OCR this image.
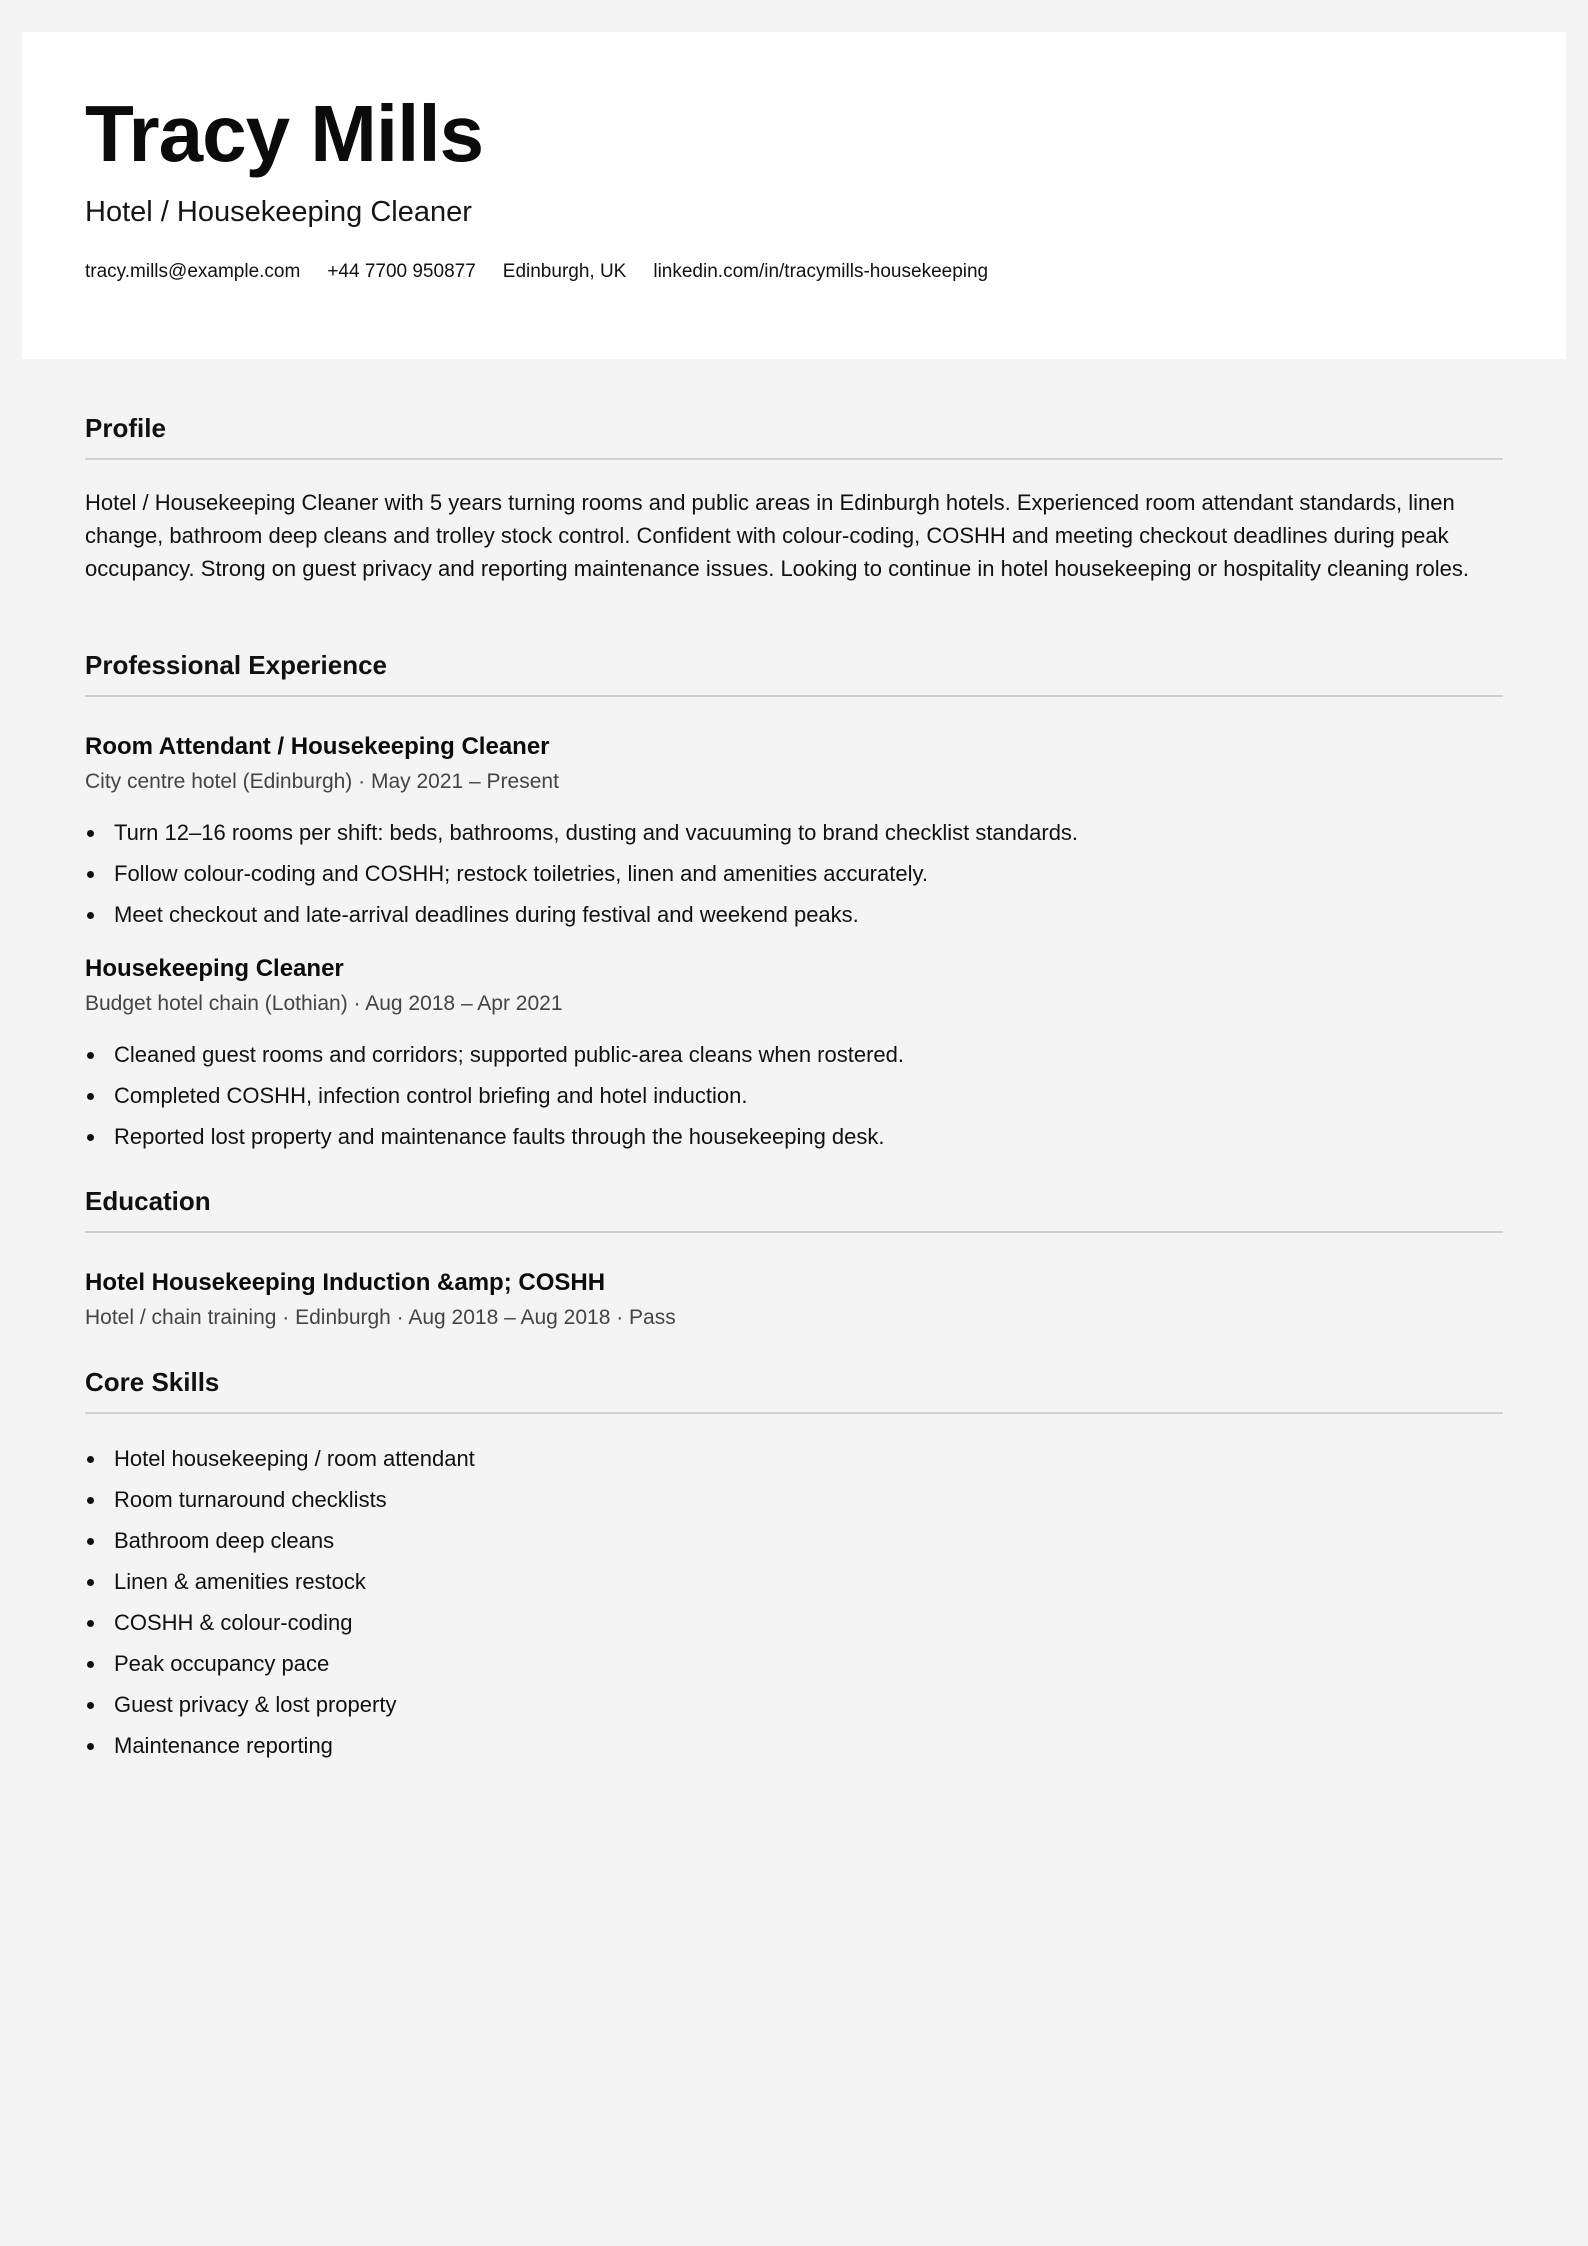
Tracy Mills
Hotel / Housekeeping Cleaner
tracy.mills@example.com +44 7700 950877 Edinburgh, UK linkedin.com/in/tracymills-housekeeping
Profile

Hotel / Housekeeping Cleaner with 5 years turning rooms and public areas in Edinburgh hotels. Experienced room attendant standards, linen change, bathroom deep cleans and trolley stock control. Confident with colour-coding, COSHH and meeting checkout deadlines during peak occupancy. Strong on guest privacy and reporting maintenance issues. Looking to continue in hotel housekeeping or hospitality cleaning roles.

Professional Experience
Room Attendant / Housekeeping Cleaner
City centre hotel (Edinburgh) · May 2021 – Present
Turn 12–16 rooms per shift: beds, bathrooms, dusting and vacuuming to brand checklist standards.
Follow colour-coding and COSHH; restock toiletries, linen and amenities accurately.
Meet checkout and late-arrival deadlines during festival and weekend peaks.
Housekeeping Cleaner
Budget hotel chain (Lothian) · Aug 2018 – Apr 2021
Cleaned guest rooms and corridors; supported public-area cleans when rostered.
Completed COSHH, infection control briefing and hotel induction.
Reported lost property and maintenance faults through the housekeeping desk.
Education
Hotel Housekeeping Induction &amp; COSHH
Hotel / chain training · Edinburgh · Aug 2018 – Aug 2018 · Pass
Core Skills
Hotel housekeeping / room attendant
Room turnaround checklists
Bathroom deep cleans
Linen & amenities restock
COSHH & colour-coding
Peak occupancy pace
Guest privacy & lost property
Maintenance reporting
